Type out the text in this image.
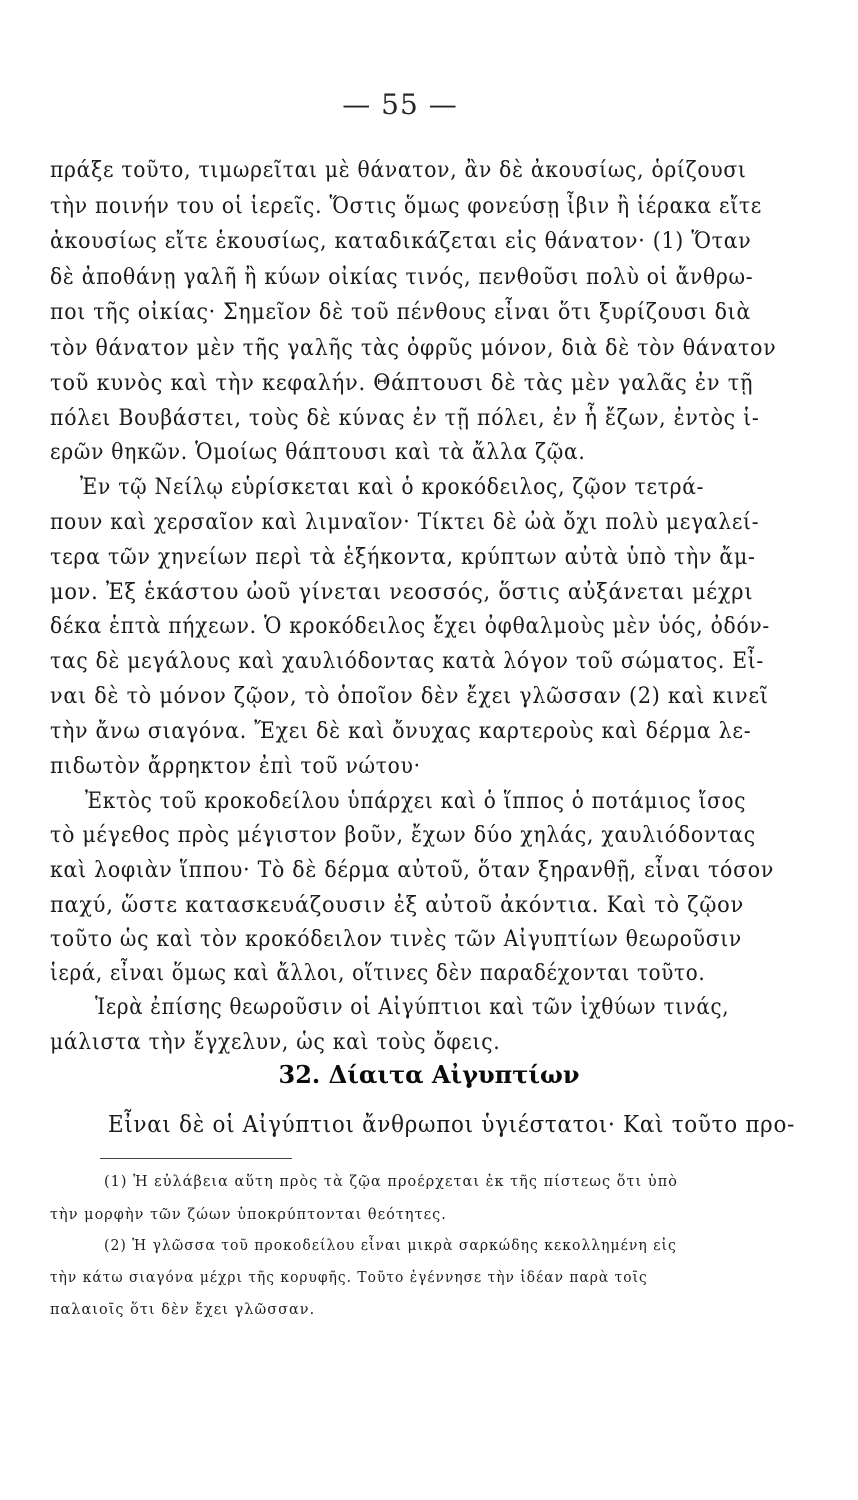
— 55 —
πράξε τοῦτο, τιμωρεῖται μὲ θάνατον, ἂν δὲ ἀκουσίως, ὁρίζουσι
τὴν ποινήν του οἱ ἱερεῖς. Ὅστις ὅμως φονεύσῃ ἶβιν ἢ ἱέρακα εἴτε
ἀκουσίως εἴτε ἑκουσίως, καταδικάζεται εἰς θάνατον· (1) Ὅταν
δὲ ἀποθάνῃ γαλῆ ἢ κύων οἰκίας τινός, πενθοῦσι πολὺ οἱ ἄνθρω-
ποι τῆς οἰκίας· Σημεῖον δὲ τοῦ πένθους εἶναι ὅτι ξυρίζουσι διὰ
τὸν θάνατον μὲν τῆς γαλῆς τὰς ὀφρῦς μόνον, διὰ δὲ τὸν θάνατον
τοῦ κυνὸς καὶ τὴν κεφαλήν. Θάπτουσι δὲ τὰς μὲν γαλᾶς ἐν τῇ
πόλει Βουβάστει, τοὺς δὲ κύνας ἐν τῇ πόλει, ἐν ἧ ἔζων, ἐντὸς ἱ-
ερῶν θηκῶν. Ὁμοίως θάπτουσι καὶ τὰ ἄλλα ζῷα.
Ἐν τῷ Νείλῳ εὑρίσκεται καὶ ὁ κροκόδειλος, ζῷον τετρά-
πουν καὶ χερσαῖον καὶ λιμναῖον· Τίκτει δὲ ὠὰ ὄχι πολὺ μεγαλεί-
τερα τῶν χηνείων περὶ τὰ ἑξήκοντα, κρύπτων αὐτὰ ὑπὸ τὴν ἄμ-
μον. Ἐξ ἑκάστου ὠοῦ γίνεται νεοσσός, ὅστις αὐξάνεται μέχρι
δέκα ἑπτὰ πήχεων. Ὁ κροκόδειλος ἔχει ὀφθαλμοὺς μὲν ὑός, ὀδόν-
τας δὲ μεγάλους καὶ χαυλιόδοντας κατὰ λόγον τοῦ σώματος. Εἶ-
ναι δὲ τὸ μόνον ζῷον, τὸ ὁποῖον δὲν ἔχει γλῶσσαν (2) καὶ κινεῖ
τὴν ἄνω σιαγόνα. Ἔχει δὲ καὶ ὄνυχας καρτεροὺς καὶ δέρμα λε-
πιδωτὸν ἄρρηκτον ἐπὶ τοῦ νώτου·
Ἐκτὸς τοῦ κροκοδείλου ὑπάρχει καὶ ὁ ἵππος ὁ ποτάμιος ἴσος
τὸ μέγεθος πρὸς μέγιστον βοῦν, ἔχων δύο χηλάς, χαυλιόδοντας
καὶ λοφιὰν ἵππου· Τὸ δὲ δέρμα αὐτοῦ, ὅταν ξηρανθῇ, εἶναι τόσον
παχύ, ὥστε κατασκευάζουσιν ἐξ αὐτοῦ ἀκόντια. Καὶ τὸ ζῷον
τοῦτο ὡς καὶ τὸν κροκόδειλον τινὲς τῶν Αἰγυπτίων θεωροῦσιν
ἱερά, εἶναι ὅμως καὶ ἄλλοι, οἵτινες δὲν παραδέχονται τοῦτο.
Ἱερὰ ἐπίσης θεωροῦσιν οἱ Αἰγύπτιοι καὶ τῶν ἰχθύων τινάς,
μάλιστα τὴν ἔγχελυν, ὡς καὶ τοὺς ὄφεις.
32. Δίαιτα Αἰγυπτίων
Εἶναι δὲ οἱ Αἰγύπτιοι ἄνθρωποι ὑγιέστατοι· Καὶ τοῦτο προ-
(1) Ἡ εὐλάβεια αὕτη πρὸς τὰ ζῷα προέρχεται ἐκ τῆς πίστεως ὅτι ὑπὸ
τὴν μορφὴν τῶν ζώων ὑποκρύπτονται θεότητες.
(2) Ἡ γλῶσσα τοῦ προκοδείλου εἶναι μικρὰ σαρκώδης κεκολλημένη εἰς
τὴν κάτω σιαγόνα μέχρι τῆς κορυφῆς. Τοῦτο ἐγέννησε τὴν ἰδέαν παρὰ τοῖς
παλαιοῖς ὅτι δὲν ἔχει γλῶσσαν.
